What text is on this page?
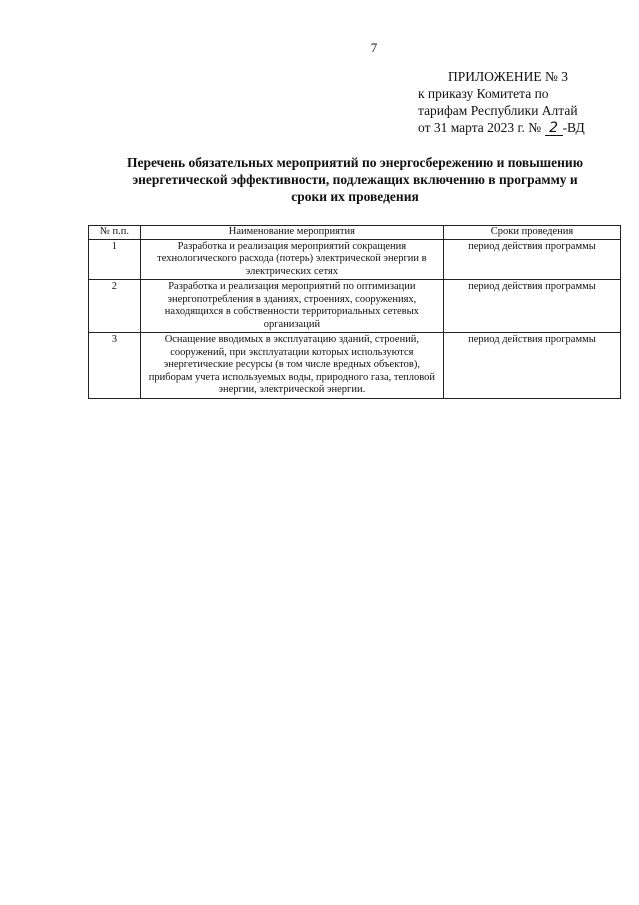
7
ПРИЛОЖЕНИЕ № 3
к приказу Комитета по
тарифам Республики Алтай
от 31 марта 2023 г. № 2 -ВД
Перечень обязательных мероприятий по энергосбережению и повышению
энергетической эффективности, подлежащих включению в программу и
сроки их проведения
№ п.п.	Наименование мероприятия	Сроки проведения
1	Разработка и реализация мероприятий сокращения технологического расхода (потерь) электрической энергии в электрических сетях	период действия программы
2	Разработка и реализация мероприятий по оптимизации энергопотребления в зданиях, строениях, сооружениях, находящихся в собственности территориальных сетевых организаций	период действия программы
3	Оснащение вводимых в эксплуатацию зданий, строений, сооружений, при эксплуатации которых используются энергетические ресурсы (в том числе вредных объектов), приборам учета используемых воды, природного газа, тепловой энергии, электрической энергии.	период действия программы
